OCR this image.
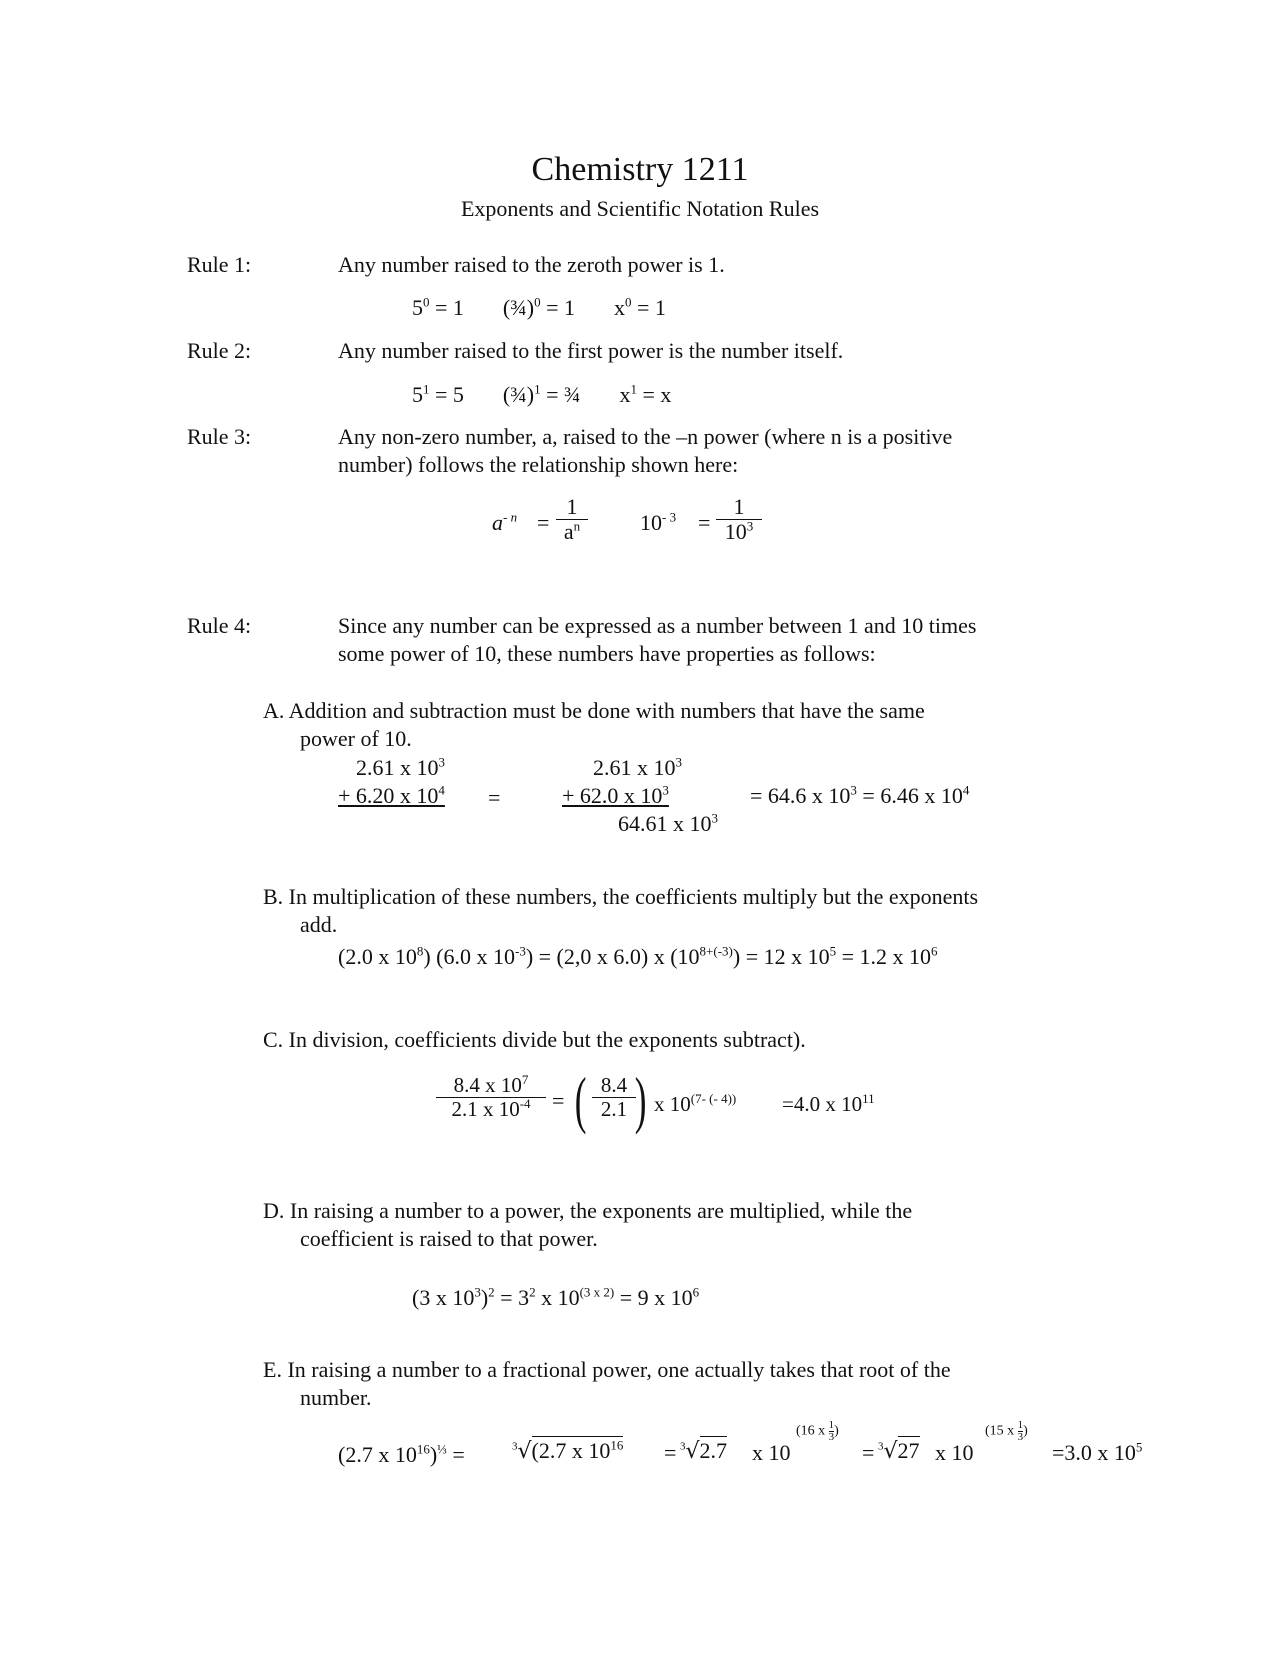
Chemistry 1211
Exponents and Scientific Notation Rules
Rule 1:	Any number raised to the zeroth power is 1.
$5^0 = 1$ (¾)$^0$ = 1 $x^0 = 1$
Rule 2:	Any number raised to the first power is the number itself.
$5^1 = 5$ (¾)$^1$ = ¾ $x^1 = x$
Rule 3:	Any non-zero number, a, raised to the –n power (where n is a positive
number) follows the relationship shown here:
$a^{- n} = \frac{1}{a^n} 10^{- 3} = \frac{1}{10^3}$
Rule 4:	Since any number can be expressed as a number between 1 and 10 times
some power of 10, these numbers have properties as follows:
A. Addition and subtraction must be done with numbers that have the same
power of 10.
2.61 x $10^3$
+ 6.20 x $10^4$ =
2.61 x $10^3$
+ 62.0 x $10^3$
64.61 x $10^3$
= 64.6 x $10^3 = 6.46$ x $10^4$
B. In multiplication of these numbers, the coefficients multiply but the exponents
add.
(2.0 x $10^8$) (6.0 x $10^{-3}) = (2,0$ x 6.0) x $(10^{8+(-3)}) = 12$ x $10^5 = 1.2$ x $10^6$
C. In division, coefficients divide but the exponents subtract).
$\frac{8.4 x 10^7}{2.1 x 10^{-4}}$ = ( $\frac{8.4}{2.1}$
) x $10^{(7- (- 4))} =4.0$ x $10^{11}$
D. In raising a number to a power, the exponents are multiplied, while the
coefficient is raised to that power.
(3 x $10^3)^2 = 3^2$ x $10^{(3 x 2)} = 9$ x $10^6$
E. In raising a number to a fractional power, one actually takes that root of the
number.
(2.7 x $10^{16})^{\frac{1}{3}}$ =	$^3$√(2.7 x $10^{16} = ^3√2.7$ x 10
(16 x $\frac{1}{3}$ )
= $^3$√27 x 10
(15 x $\frac{1}{3}$ )
=3.0 x $10^5$
